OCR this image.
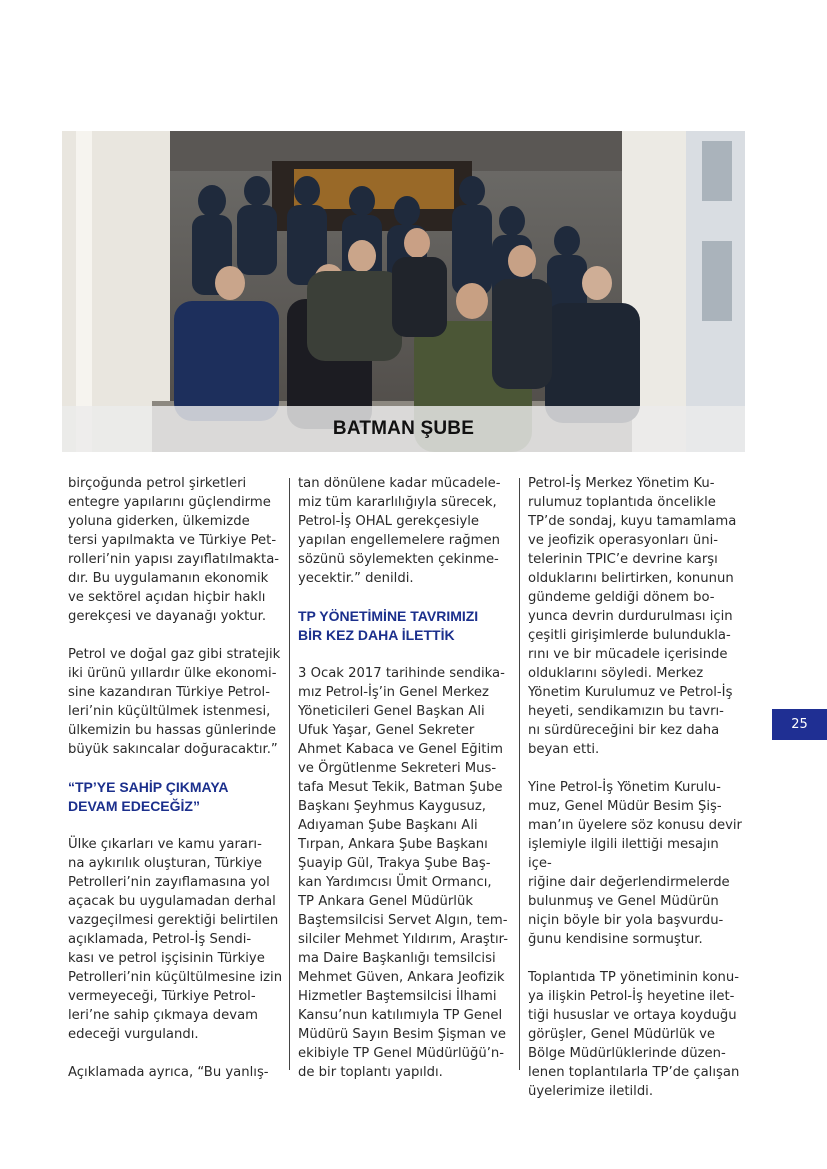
BATMAN ŞUBE

birçoğunda petrol şirketleri
entegre yapılarını güçlendirme
yoluna giderken, ülkemizde
tersi yapılmakta ve Türkiye Pet-
rolleri’nin yapısı zayıflatılmakta-
dır. Bu uygulamanın ekonomik
ve sektörel açıdan hiçbir haklı
gerekçesi ve dayanağı yoktur.

Petrol ve doğal gaz gibi stratejik
iki ürünü yıllardır ülke ekonomi-
sine kazandıran Türkiye Petrol-
leri’nin küçültülmek istenmesi,
ülkemizin bu hassas günlerinde
büyük sakıncalar doğuracaktır.”

“TP’YE SAHİP ÇIKMAYA
DEVAM EDECEĞİZ”

Ülke çıkarları ve kamu yararı-
na aykırılık oluşturan, Türkiye
Petrolleri’nin zayıflamasına yol
açacak bu uygulamadan derhal
vazgeçilmesi gerektiği belirtilen
açıklamada, Petrol-İş Sendi-
kası ve petrol işçisinin Türkiye
Petrolleri’nin küçültülmesine izin
vermeyeceği, Türkiye Petrol-
leri’ne sahip çıkmaya devam
edeceği vurgulandı.

Açıklamada ayrıca, “Bu yanlış-

tan dönülene kadar mücadele-
miz tüm kararlılığıyla sürecek,
Petrol-İş OHAL gerekçesiyle
yapılan engellemelere rağmen
sözünü söylemekten çekinme-
yecektir.” denildi.

TP YÖNETİMİNE TAVRIMIZI
BİR KEZ DAHA İLETTİK

3 Ocak 2017 tarihinde sendika-
mız Petrol-İş’in Genel Merkez
Yöneticileri Genel Başkan Ali
Ufuk Yaşar, Genel Sekreter
Ahmet Kabaca ve Genel Eğitim
ve Örgütlenme Sekreteri Mus-
tafa Mesut Tekik, Batman Şube
Başkanı Şeyhmus Kaygusuz,
Adıyaman Şube Başkanı Ali
Tırpan, Ankara Şube Başkanı
Şuayip Gül, Trakya Şube Baş-
kan Yardımcısı Ümit Ormancı,
TP Ankara Genel Müdürlük
Baştemsilcisi Servet Algın, tem-
silciler Mehmet Yıldırım, Araştır-
ma Daire Başkanlığı temsilcisi
Mehmet Güven, Ankara Jeofizik
Hizmetler Baştemsilcisi İlhami
Kansu’nun katılımıyla TP Genel
Müdürü Sayın Besim Şişman ve
ekibiyle TP Genel Müdürlüğü’n-
de bir toplantı yapıldı.

Petrol-İş Merkez Yönetim Ku-
rulumuz toplantıda öncelikle
TP’de sondaj, kuyu tamamlama
ve jeofizik operasyonları üni-
telerinin TPIC’e devrine karşı
olduklarını belirtirken, konunun
gündeme geldiği dönem bo-
yunca devrin durdurulması için
çeşitli girişimlerde bulundukla-
rını ve bir mücadele içerisinde
olduklarını söyledi. Merkez
Yönetim Kurulumuz ve Petrol-İş
heyeti, sendikamızın bu tavrı-
nı sürdüreceğini bir kez daha
beyan etti.

Yine Petrol-İş Yönetim Kurulu-
muz, Genel Müdür Besim Şiş-
man’ın üyelere söz konusu devir
işlemiyle ilgili ilettiği mesajın içe-
riğine dair değerlendirmelerde
bulunmuş ve Genel Müdürün
niçin böyle bir yola başvurdu-
ğunu kendisine sormuştur.

Toplantıda TP yönetiminin konu-
ya ilişkin Petrol-İş heyetine ilet-
tiği hususlar ve ortaya koyduğu
görüşler, Genel Müdürlük ve
Bölge Müdürlüklerinde düzen-
lenen toplantılarla TP’de çalışan
üyelerimize iletildi.

25
